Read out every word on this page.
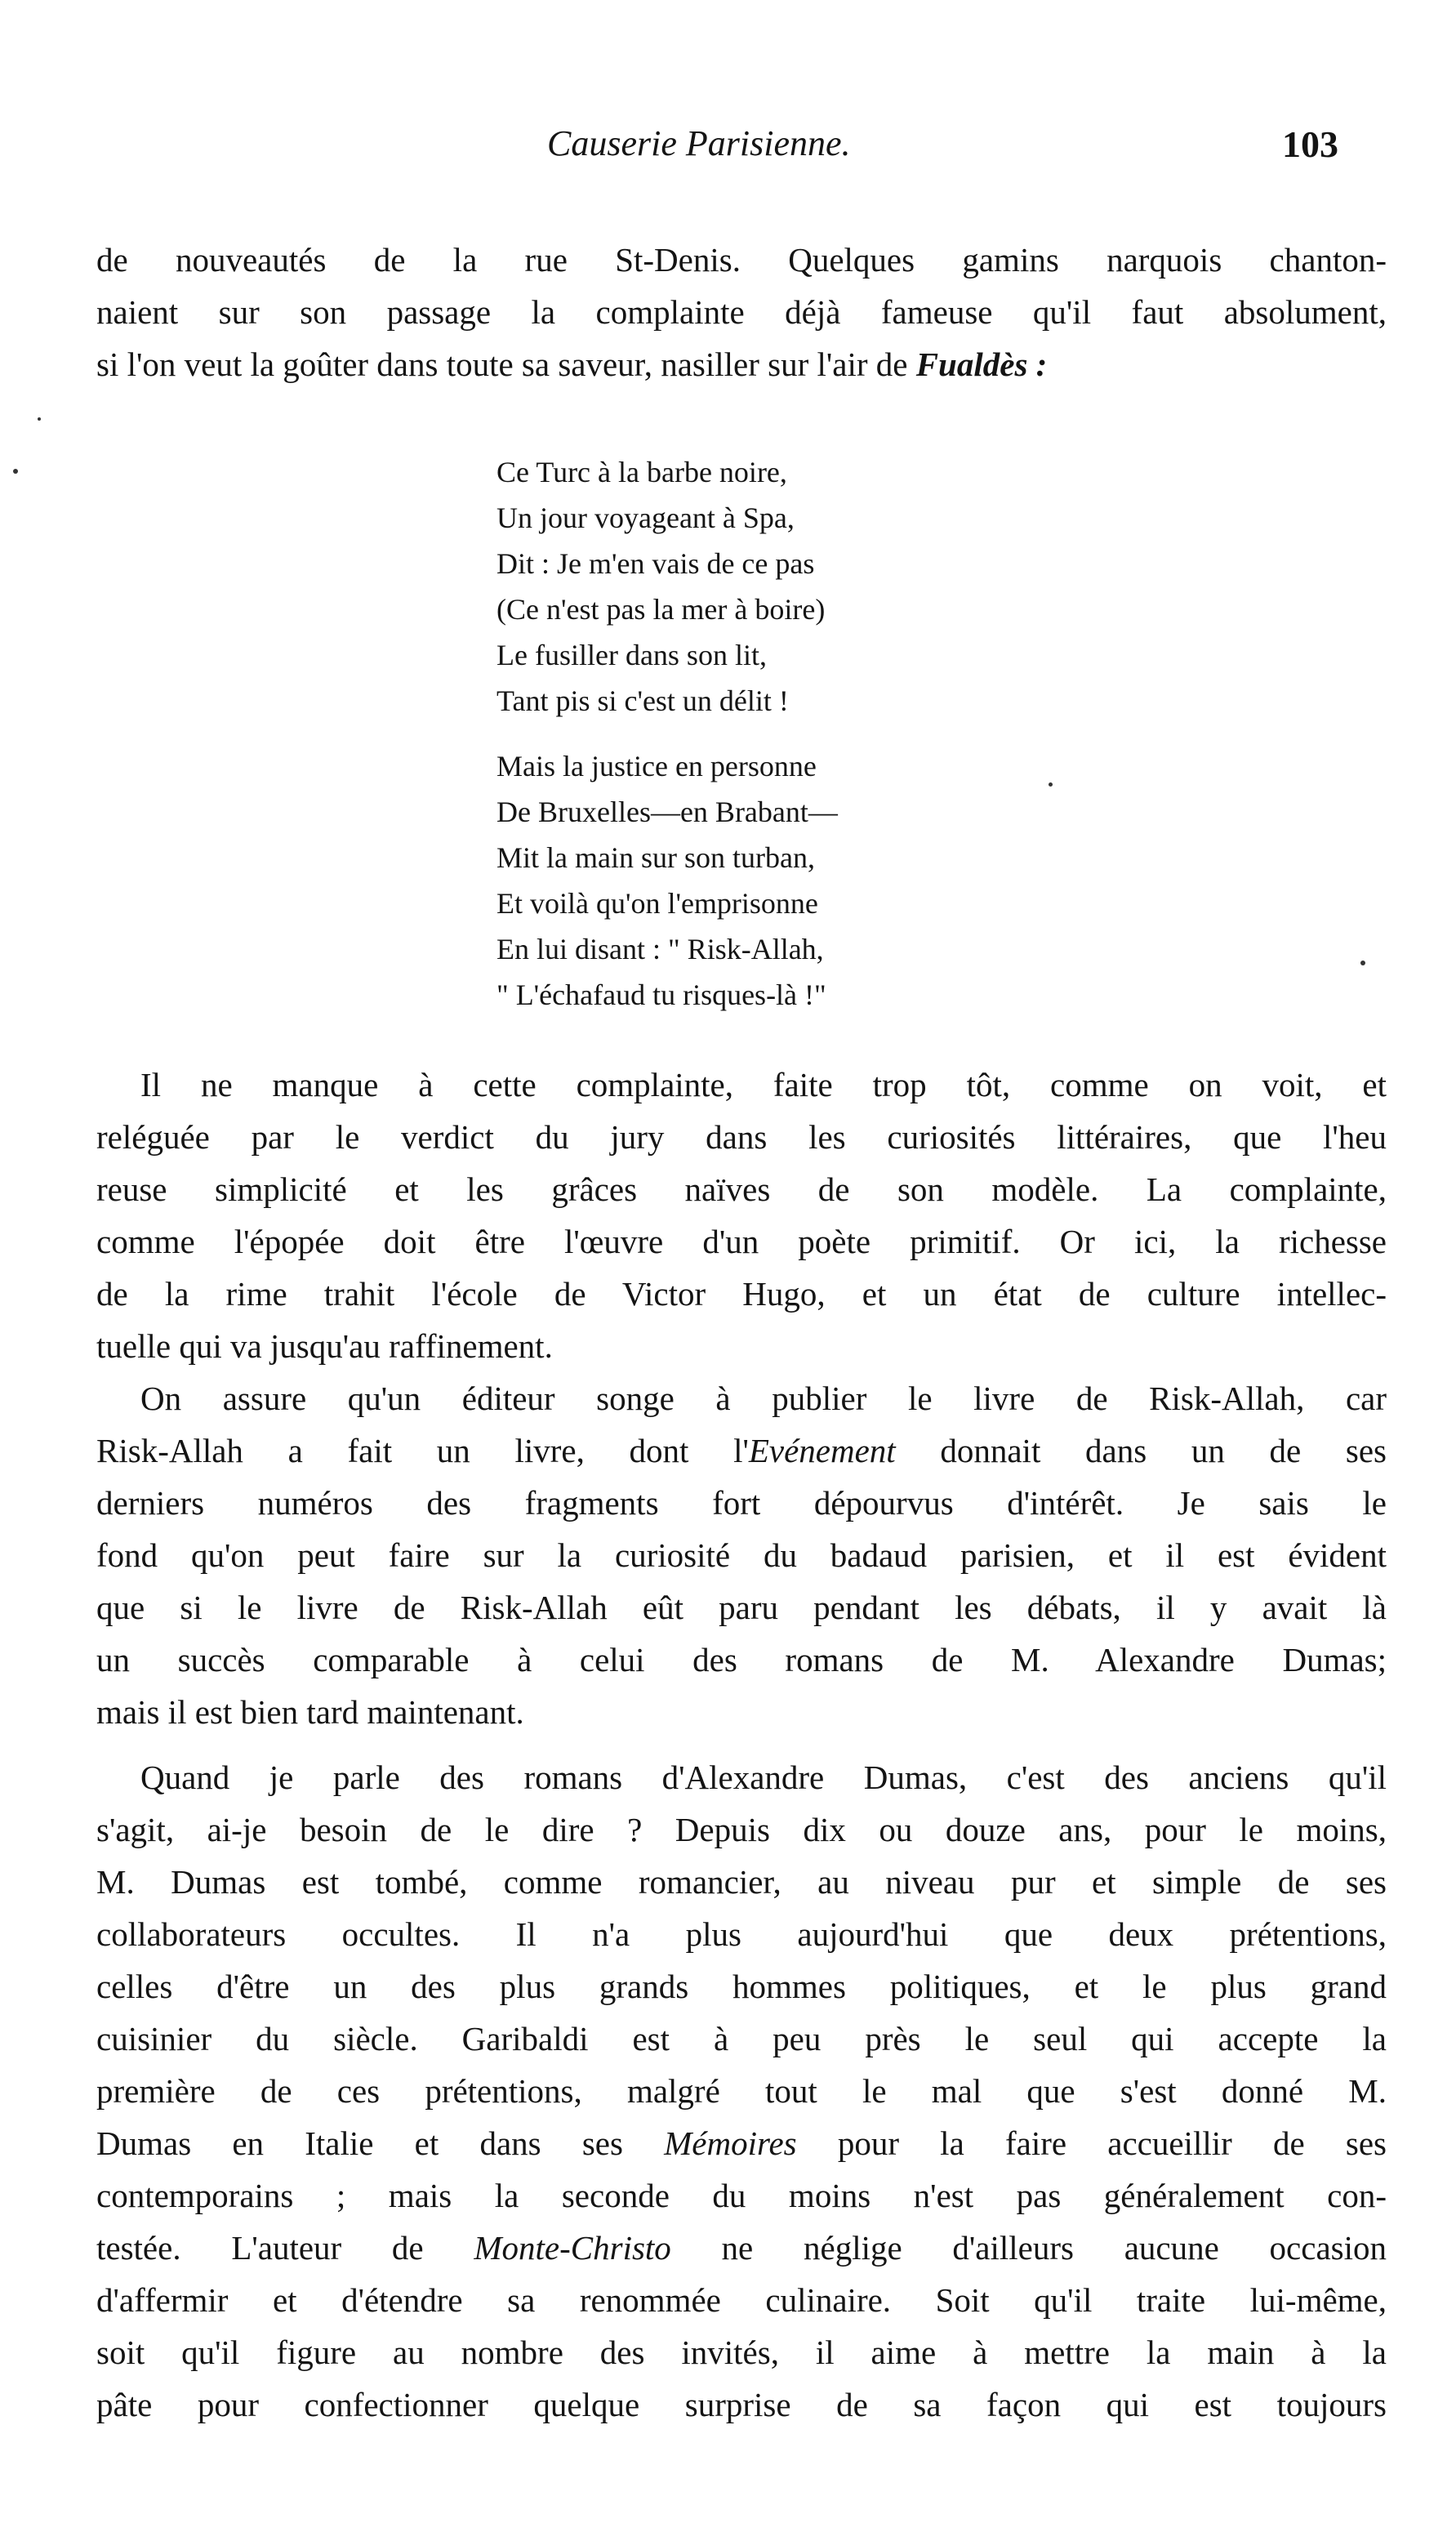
Causerie Parisienne.	103
de nouveautés de la rue St-Denis. Quelques gamins narquois chanton-
naient sur son passage la complainte déjà fameuse qu'il faut absolument,
si l'on veut la goûter dans toute sa saveur, nasiller sur l'air de Fualdès :
Ce Turc à la barbe noire,
Un jour voyageant à Spa,
Dit : Je m'en vais de ce pas
(Ce n'est pas la mer à boire)
Le fusiller dans son lit,
Tant pis si c'est un délit !
Mais la justice en personne
De Bruxelles—en Brabant—
Mit la main sur son turban,
Et voilà qu'on l'emprisonne
En lui disant : " Risk-Allah,
" L'échafaud tu risques-là !"
Il ne manque à cette complainte, faite trop tôt, comme on voit, et
reléguée par le verdict du jury dans les curiosités littéraires, que l'heu
reuse simplicité et les grâces naïves de son modèle. La complainte,
comme l'épopée doit être l'œuvre d'un poète primitif. Or ici, la richesse
de la rime trahit l'école de Victor Hugo, et un état de culture intellec-
tuelle qui va jusqu'au raffinement.
On assure qu'un éditeur songe à publier le livre de Risk-Allah, car
Risk-Allah a fait un livre, dont l'Evénement donnait dans un de ses
derniers numéros des fragments fort dépourvus d'intérêt. Je sais le
fond qu'on peut faire sur la curiosité du badaud parisien, et il est évident
que si le livre de Risk-Allah eût paru pendant les débats, il y avait là
un succès comparable à celui des romans de M. Alexandre Dumas;
mais il est bien tard maintenant.
Quand je parle des romans d'Alexandre Dumas, c'est des anciens qu'il
s'agit, ai-je besoin de le dire ? Depuis dix ou douze ans, pour le moins,
M. Dumas est tombé, comme romancier, au niveau pur et simple de ses
collaborateurs occultes. Il n'a plus aujourd'hui que deux prétentions,
celles d'être un des plus grands hommes politiques, et le plus grand
cuisinier du siècle. Garibaldi est à peu près le seul qui accepte la
première de ces prétentions, malgré tout le mal que s'est donné M.
Dumas en Italie et dans ses Mémoires pour la faire accueillir de ses
contemporains ; mais la seconde du moins n'est pas généralement con-
testée. L'auteur de Monte-Christo ne néglige d'ailleurs aucune occasion
d'affermir et d'étendre sa renommée culinaire. Soit qu'il traite lui-même,
soit qu'il figure au nombre des invités, il aime à mettre la main à la
pâte pour confectionner quelque surprise de sa façon qui est toujours
